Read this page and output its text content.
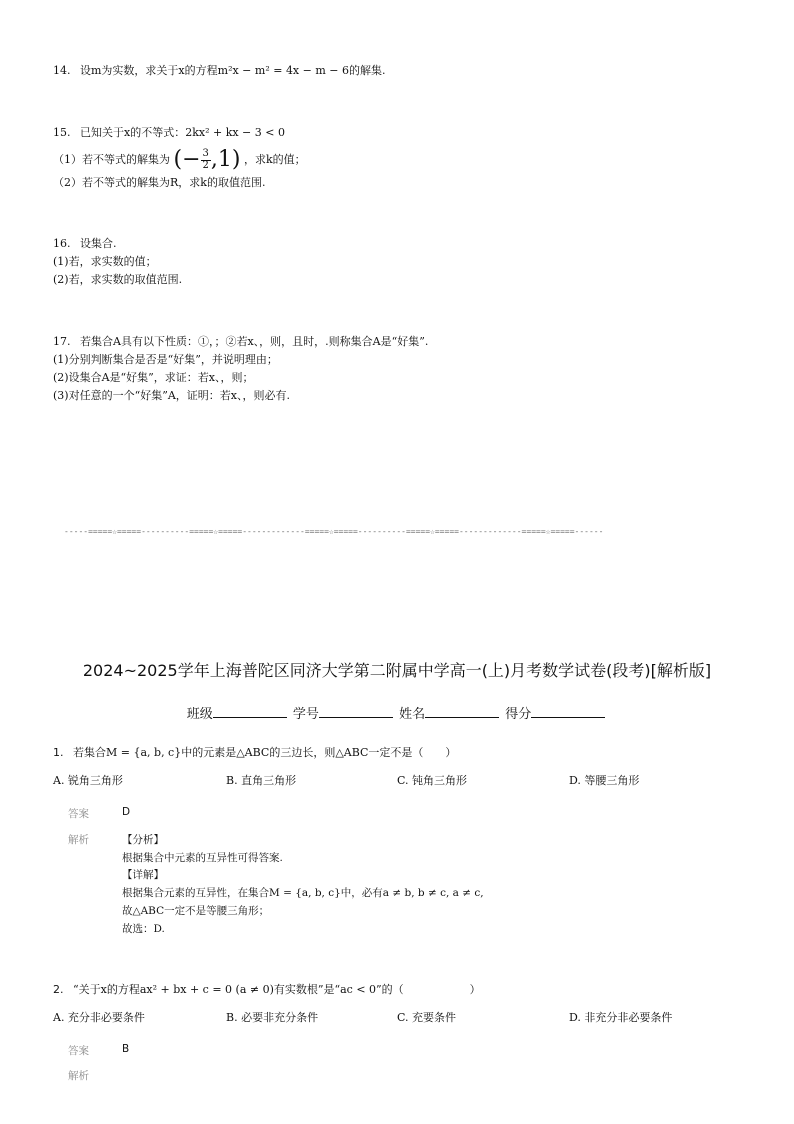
14. 设m为实数，求关于x的方程m²x − m² = 4x − m − 6的解集.
15. 已知关于x的不等式：2kx² + kx − 3 < 0
（1）若不等式的解集为 (− $\frac{3}{2} ,1$) ，求k的值；
（2）若不等式的解集为R，求k的取值范围.
16. 设集合.
(1)若，求实数的值；
(2)若，求实数的取值范围.
17. 若集合A具有以下性质：①，；②若x、，则，且时，.则称集合A是“好集”.
(1)分别判断集合是否是“好集”，并说明理由；
(2)设集合A是“好集”，求证：若x、，则；
(3)对任意的一个“好集”A，证明：若x、，则必有.
-----=====☆=====----------=====☆=====-------------=====☆=====----------=====☆=====-------------=====☆=====------
2024~2025学年上海普陀区同济大学第二附属中学高一(上)月考数学试卷(段考)[解析版]
班级	学号	姓名	得分
1. 若集合M = {a, b, c}中的元素是△ABC的三边长，则△ABC一定不是（　　）
A. 锐角三角形	B. 直角三角形	C. 钝角三角形	D. 等腰三角形
答案	D
解析	【分析】
根据集合中元素的互异性可得答案.
【详解】
根据集合元素的互异性，在集合M = {a, b, c}中，必有a ≠ b, b ≠ c, a ≠ c,
故△ABC一定不是等腰三角形；
故选：D.
2. “关于x的方程ax² + bx + c = 0 (a ≠ 0)有实数根”是“ac < 0”的（　　　　　　）
A. 充分非必要条件	B. 必要非充分条件	C. 充要条件	D. 非充分非必要条件
答案	B
解析
